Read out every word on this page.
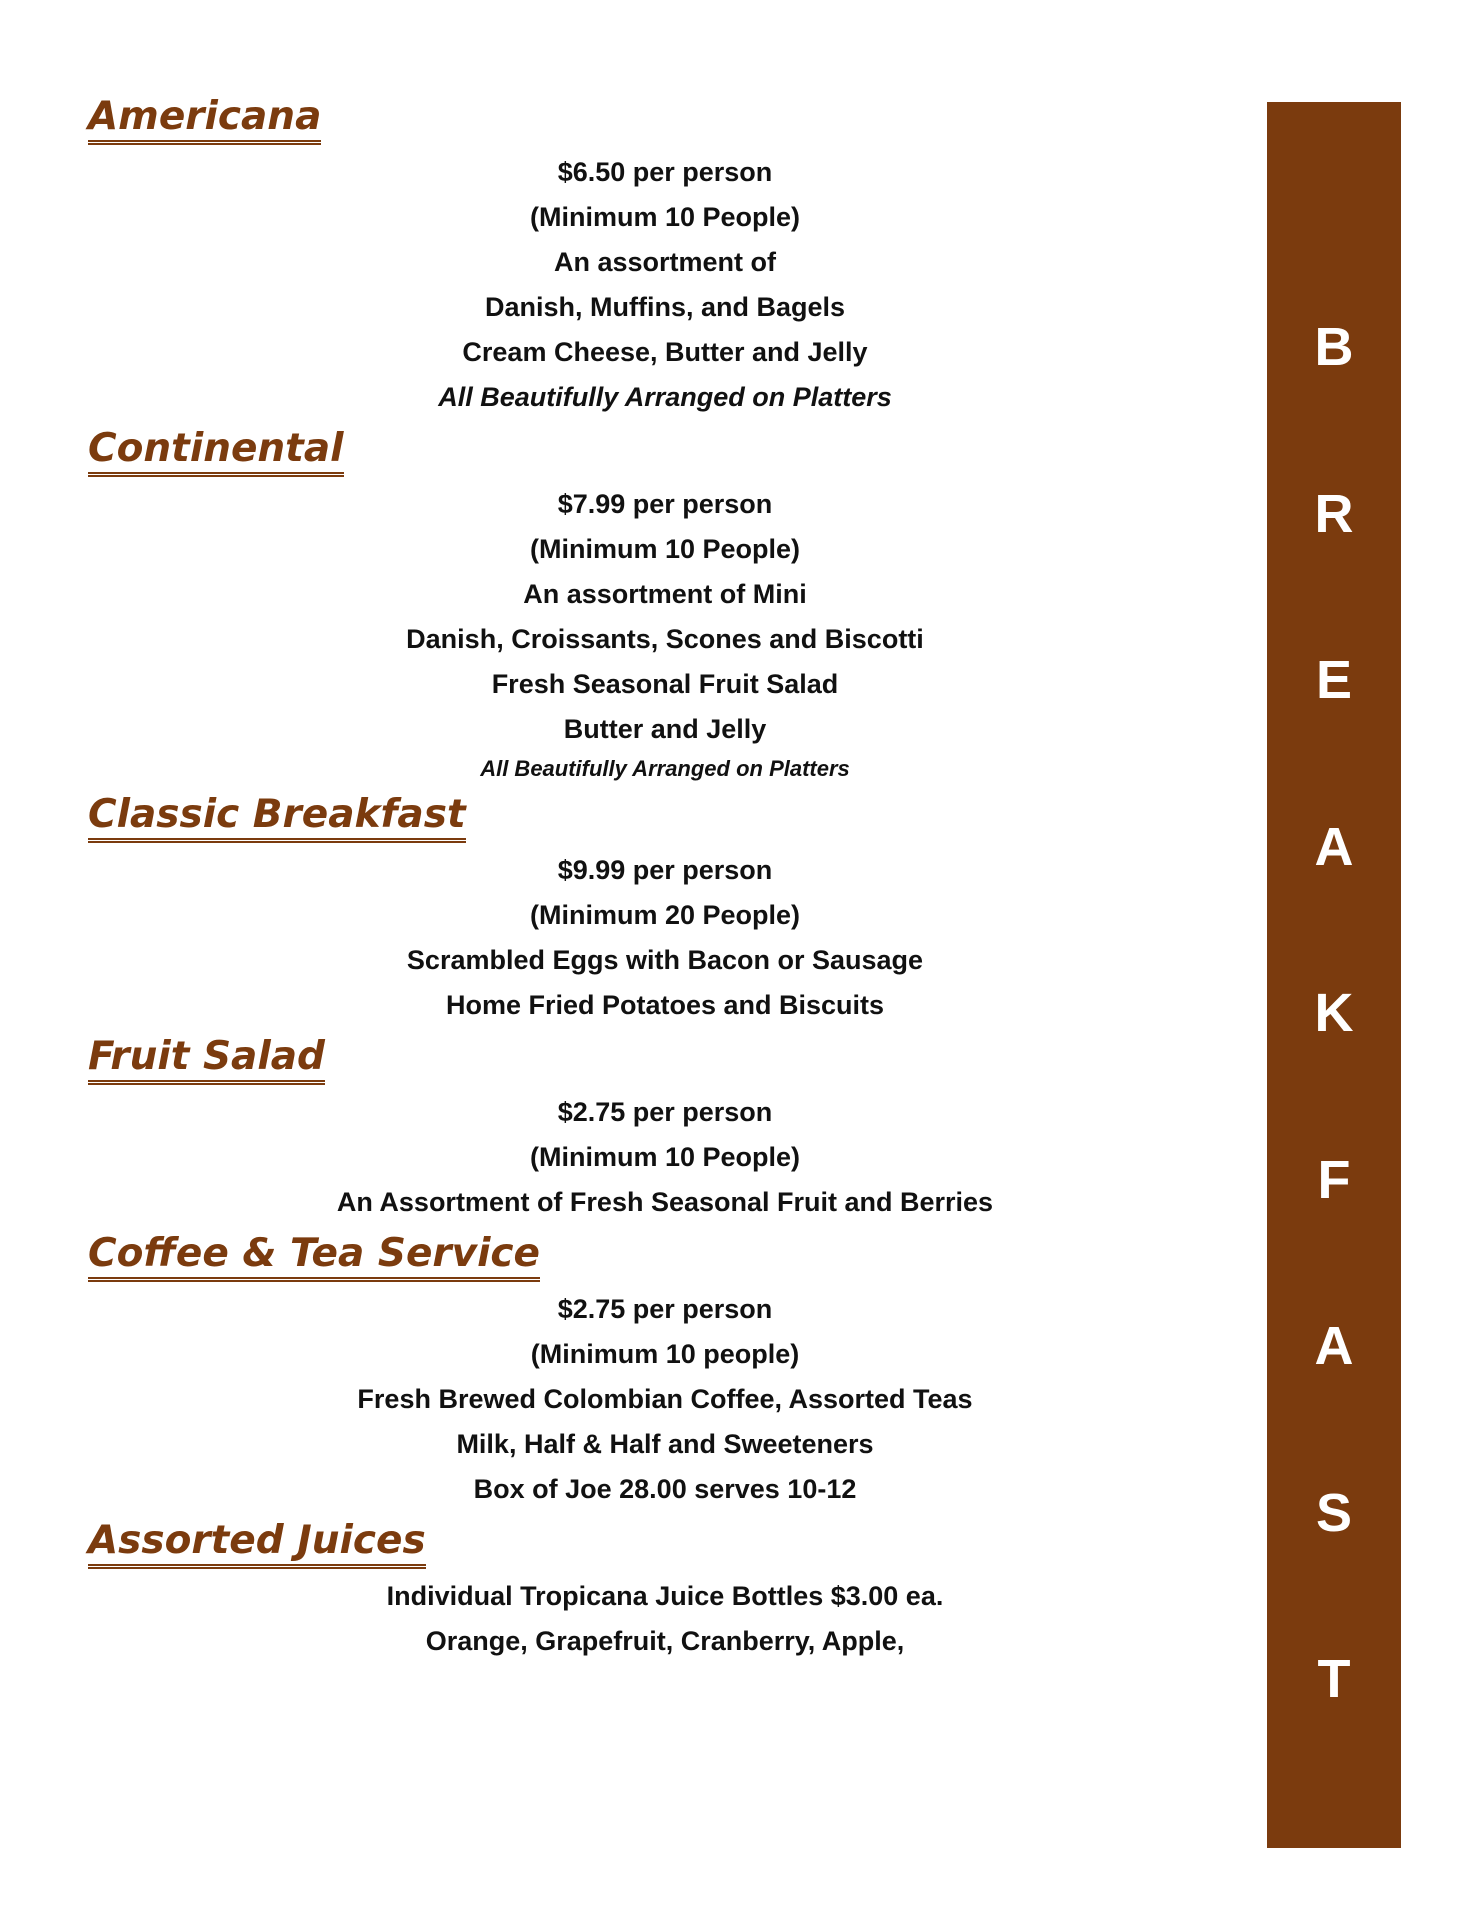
Americana
$6.50 per person
(Minimum 10 People)
An assortment of
Danish, Muffins, and Bagels
Cream Cheese, Butter and Jelly
All Beautifully Arranged on Platters
Continental
$7.99 per person
(Minimum 10 People)
An assortment of Mini
Danish, Croissants, Scones and Biscotti
Fresh Seasonal Fruit Salad
Butter and Jelly
All Beautifully Arranged on Platters
Classic Breakfast
$9.99 per person
(Minimum 20 People)
Scrambled Eggs with Bacon or Sausage
Home Fried Potatoes and Biscuits
Fruit Salad
$2.75 per person
(Minimum 10 People)
An Assortment of Fresh Seasonal Fruit and Berries
Coffee & Tea Service
$2.75 per person
(Minimum 10 people)
Fresh Brewed Colombian Coffee, Assorted Teas
Milk, Half & Half and Sweeteners
Box of Joe 28.00 serves 10-12
Assorted Juices
Individual Tropicana Juice Bottles $3.00 ea.
Orange, Grapefruit, Cranberry, Apple,
B
R
E
A
K
F
A
S
T
